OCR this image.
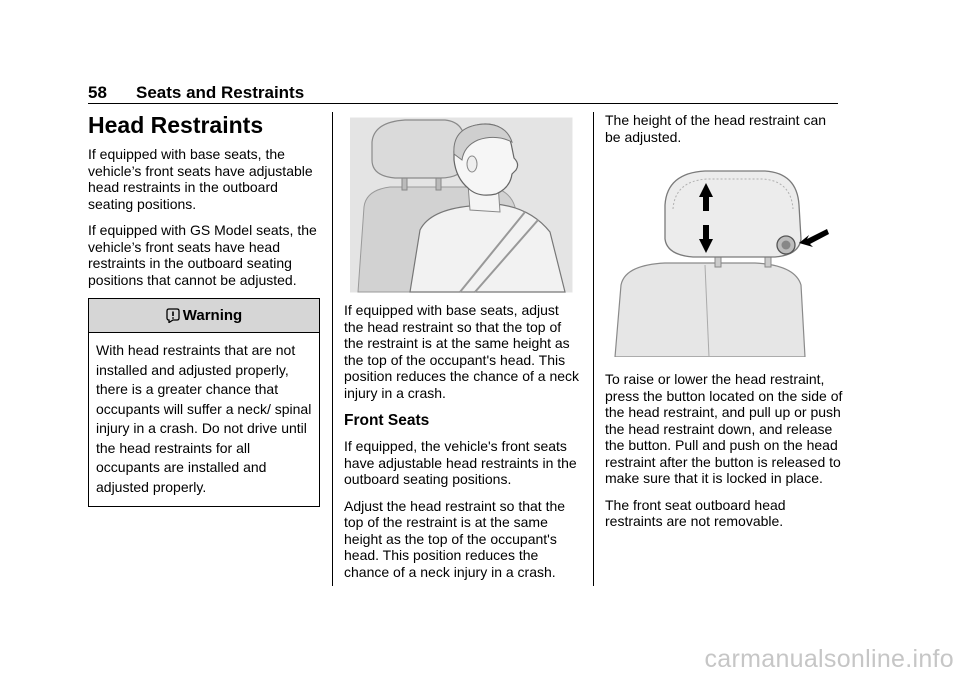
58 Seats and Restraints
Head Restraints

If equipped with base seats, the vehicle’s front seats have adjustable head restraints in the outboard seating positions.

If equipped with GS Model seats, the vehicle’s front seats have head restraints in the outboard seating positions that cannot be adjusted.

Warning
With head restraints that are not installed and adjusted properly, there is a greater chance that occupants will suffer a neck/ spinal injury in a crash. Do not drive until the head restraints for all occupants are installed and adjusted properly.

If equipped with base seats, adjust the head restraint so that the top of the restraint is at the same height as the top of the occupant's head. This position reduces the chance of a neck injury in a crash.

Front Seats

If equipped, the vehicle's front seats have adjustable head restraints in the outboard seating positions.

Adjust the head restraint so that the top of the restraint is at the same height as the top of the occupant's head. This position reduces the chance of a neck injury in a crash.

The height of the head restraint can be adjusted.

To raise or lower the head restraint, press the button located on the side of the head restraint, and pull up or push the head restraint down, and release the button. Pull and push on the head restraint after the button is released to make sure that it is locked in place.

The front seat outboard head restraints are not removable.

carmanualsonline.info
